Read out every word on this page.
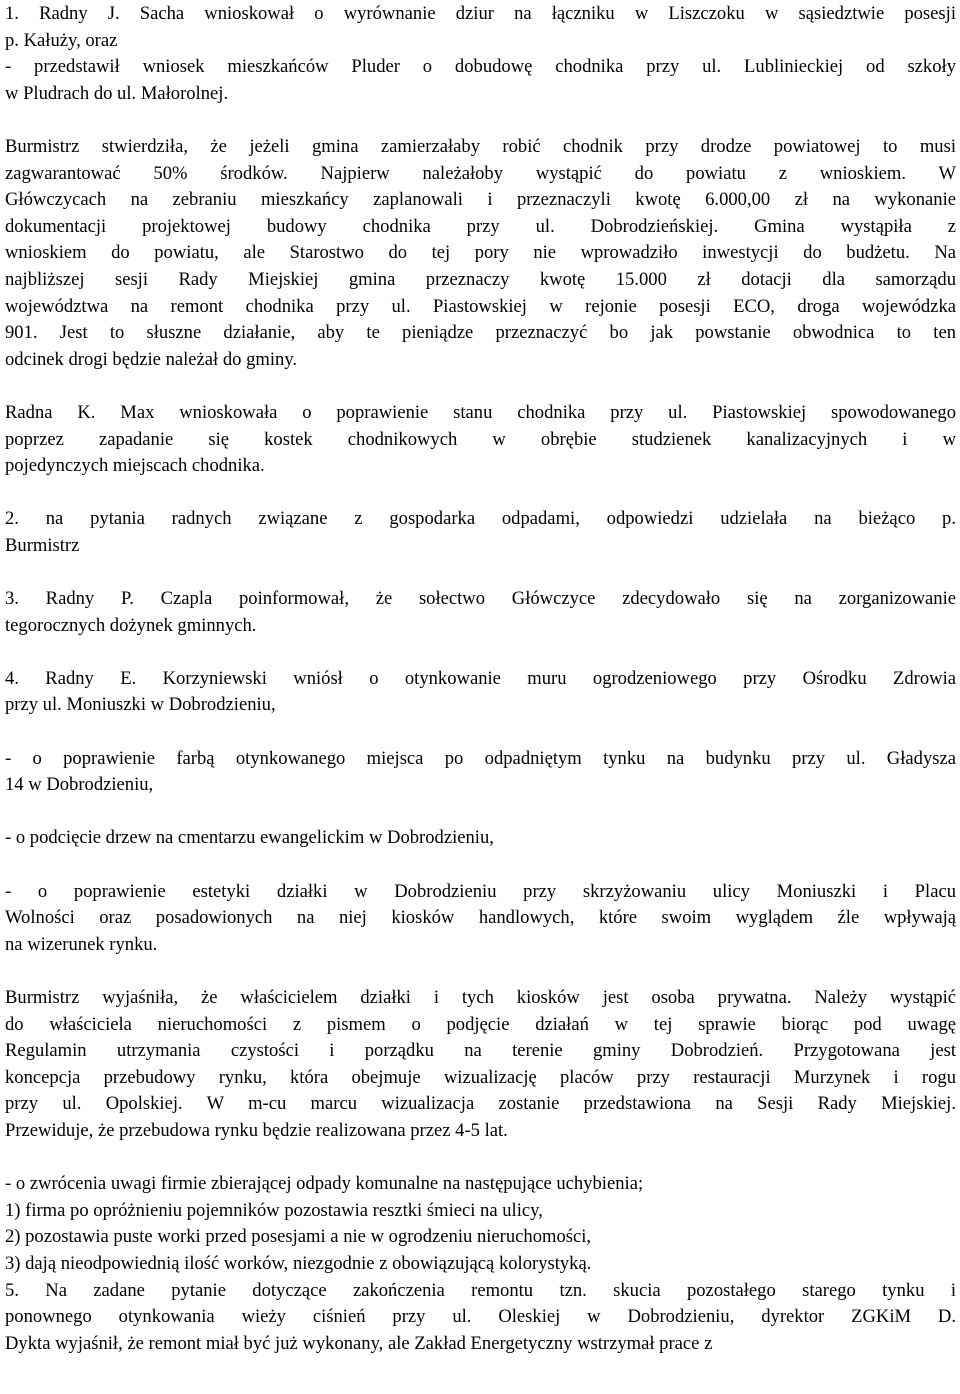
1. Radny J. Sacha wnioskował o wyrównanie dziur na łączniku w Liszczoku w sąsiedztwie posesji
p. Kałuży, oraz
- przedstawił wniosek mieszkańców Pluder o dobudowę chodnika przy ul. Lublinieckiej od szkoły
w Pludrach do ul. Małorolnej.
Burmistrz stwierdziła, że jeżeli gmina zamierzałaby robić chodnik przy drodze powiatowej to musi
zagwarantować 50% środków. Najpierw należałoby wystąpić do powiatu z wnioskiem. W
Główczycach na zebraniu mieszkańcy zaplanowali i przeznaczyli kwotę 6.000,00 zł na wykonanie
dokumentacji projektowej budowy chodnika przy ul. Dobrodzieńskiej. Gmina wystąpiła z
wnioskiem do powiatu, ale Starostwo do tej pory nie wprowadziło inwestycji do budżetu. Na
najbliższej sesji Rady Miejskiej gmina przeznaczy kwotę 15.000 zł dotacji dla samorządu
województwa na remont chodnika przy ul. Piastowskiej w rejonie posesji ECO, droga wojewódzka
901. Jest to słuszne działanie, aby te pieniądze przeznaczyć bo jak powstanie obwodnica to ten
odcinek drogi będzie należał do gminy.
Radna K. Max wnioskowała o poprawienie stanu chodnika przy ul. Piastowskiej spowodowanego
poprzez zapadanie się kostek chodnikowych w obrębie studzienek kanalizacyjnych i w
pojedynczych miejscach chodnika.
2. na pytania radnych związane z gospodarka odpadami, odpowiedzi udzielała na bieżąco p.
Burmistrz
3. Radny P. Czapla poinformował, że sołectwo Główczyce zdecydowało się na zorganizowanie
tegorocznych dożynek gminnych.
4. Radny E. Korzyniewski wniósł o otynkowanie muru ogrodzeniowego przy Ośrodku Zdrowia
przy ul. Moniuszki w Dobrodzieniu,
- o poprawienie farbą otynkowanego miejsca po odpadniętym tynku na budynku przy ul. Gładysza
14 w Dobrodzieniu,
- o podcięcie drzew na cmentarzu ewangelickim w Dobrodzieniu,
- o poprawienie estetyki działki w Dobrodzieniu przy skrzyżowaniu ulicy Moniuszki i Placu
Wolności oraz posadowionych na niej kiosków handlowych, które swoim wyglądem źle wpływają
na wizerunek rynku.
Burmistrz wyjaśniła, że właścicielem działki i tych kiosków jest osoba prywatna. Należy wystąpić
do właściciela nieruchomości z pismem o podjęcie działań w tej sprawie biorąc pod uwagę
Regulamin utrzymania czystości i porządku na terenie gminy Dobrodzień. Przygotowana jest
koncepcja przebudowy rynku, która obejmuje wizualizację placów przy restauracji Murzynek i rogu
przy ul. Opolskiej. W m-cu marcu wizualizacja zostanie przedstawiona na Sesji Rady Miejskiej.
Przewiduje, że przebudowa rynku będzie realizowana przez 4-5 lat.
- o zwrócenia uwagi firmie zbierającej odpady komunalne na następujące uchybienia;
1) firma po opróżnieniu pojemników pozostawia resztki śmieci na ulicy,
2) pozostawia puste worki przed posesjami a nie w ogrodzeniu nieruchomości,
3) dają nieodpowiednią ilość worków, niezgodnie z obowiązującą kolorystyką.
5. Na zadane pytanie dotyczące zakończenia remontu tzn. skucia pozostałego starego tynku i
ponownego otynkowania wieży ciśnień przy ul. Oleskiej w Dobrodzieniu, dyrektor ZGKiM D.
Dykta wyjaśnił, że remont miał być już wykonany, ale Zakład Energetyczny wstrzymał prace z
